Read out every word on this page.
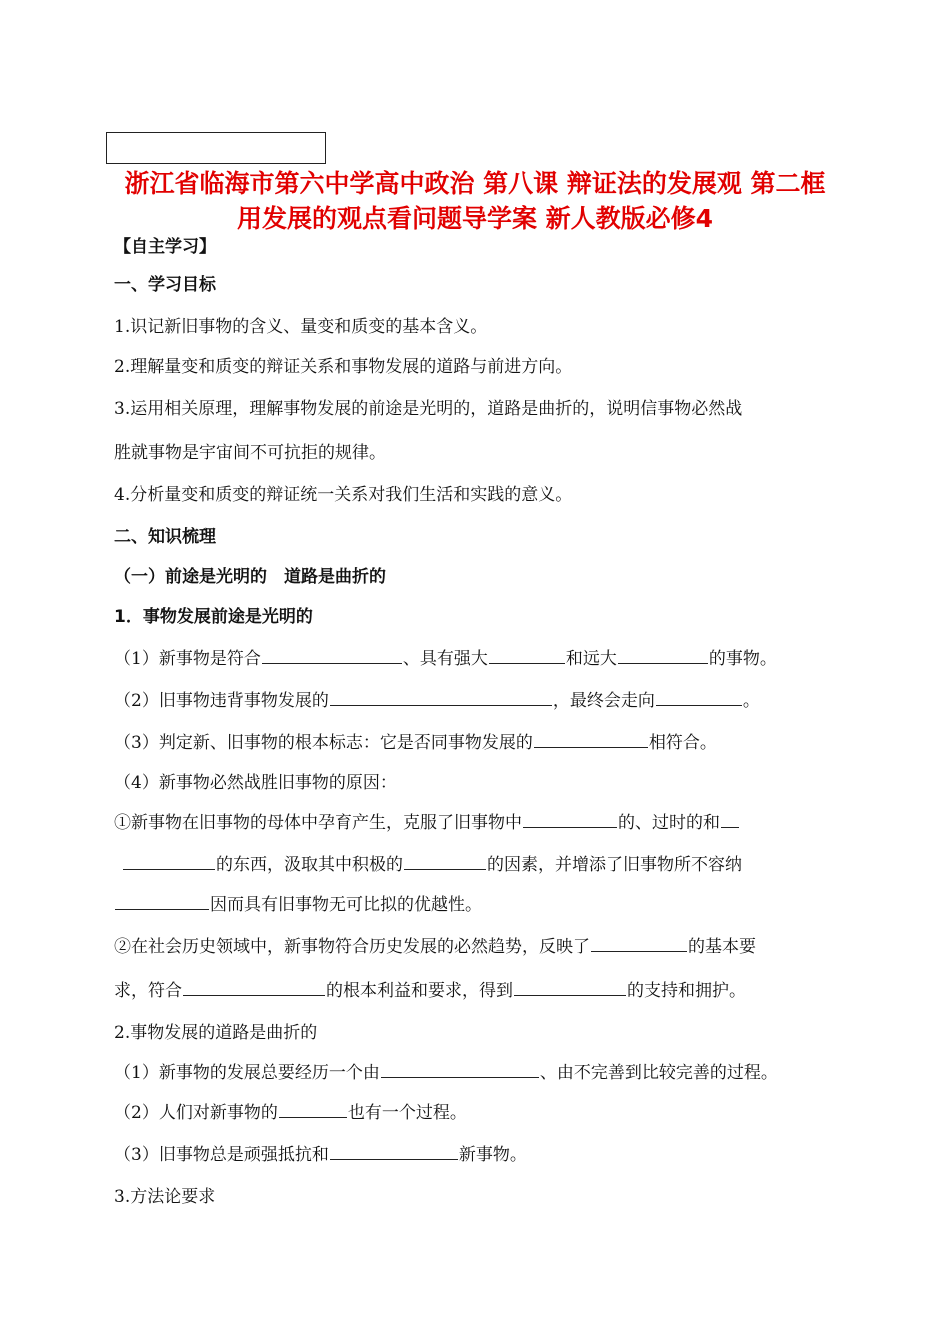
浙江省临海市第六中学高中政治 第八课 辩证法的发展观 第二框 用发展的观点看问题导学案 新人教版必修4
【自主学习】
一、学习目标
1.识记新旧事物的含义、量变和质变的基本含义。
2.理解量变和质变的辩证关系和事物发展的道路与前进方向。
3.运用相关原理，理解事物发展的前途是光明的，道路是曲折的，说明信事物必然战
胜就事物是宇宙间不可抗拒的规律。
4.分析量变和质变的辩证统一关系对我们生活和实践的意义。
二、知识梳理
（一）前途是光明的　道路是曲折的
1．事物发展前途是光明的
（1）新事物是符合	、具有强大	和远大	的事物。
（2）旧事物违背事物发展的	，最终会走向	。
（3）判定新、旧事物的根本标志：它是否同事物发展的	相符合。
（4）新事物必然战胜旧事物的原因：
①新事物在旧事物的母体中孕育产生，克服了旧事物中	的、过时的和
的东西，汲取其中积极的	的因素，并增添了旧事物所不容纳
因而具有旧事物无可比拟的优越性。
②在社会历史领域中，新事物符合历史发展的必然趋势，反映了	的基本要
求，符合	的根本利益和要求，得到	的支持和拥护。
2.事物发展的道路是曲折的
（1）新事物的发展总要经历一个由	、由不完善到比较完善的过程。
（2）人们对新事物的	也有一个过程。
（3）旧事物总是顽强抵抗和	新事物。
3.方法论要求
